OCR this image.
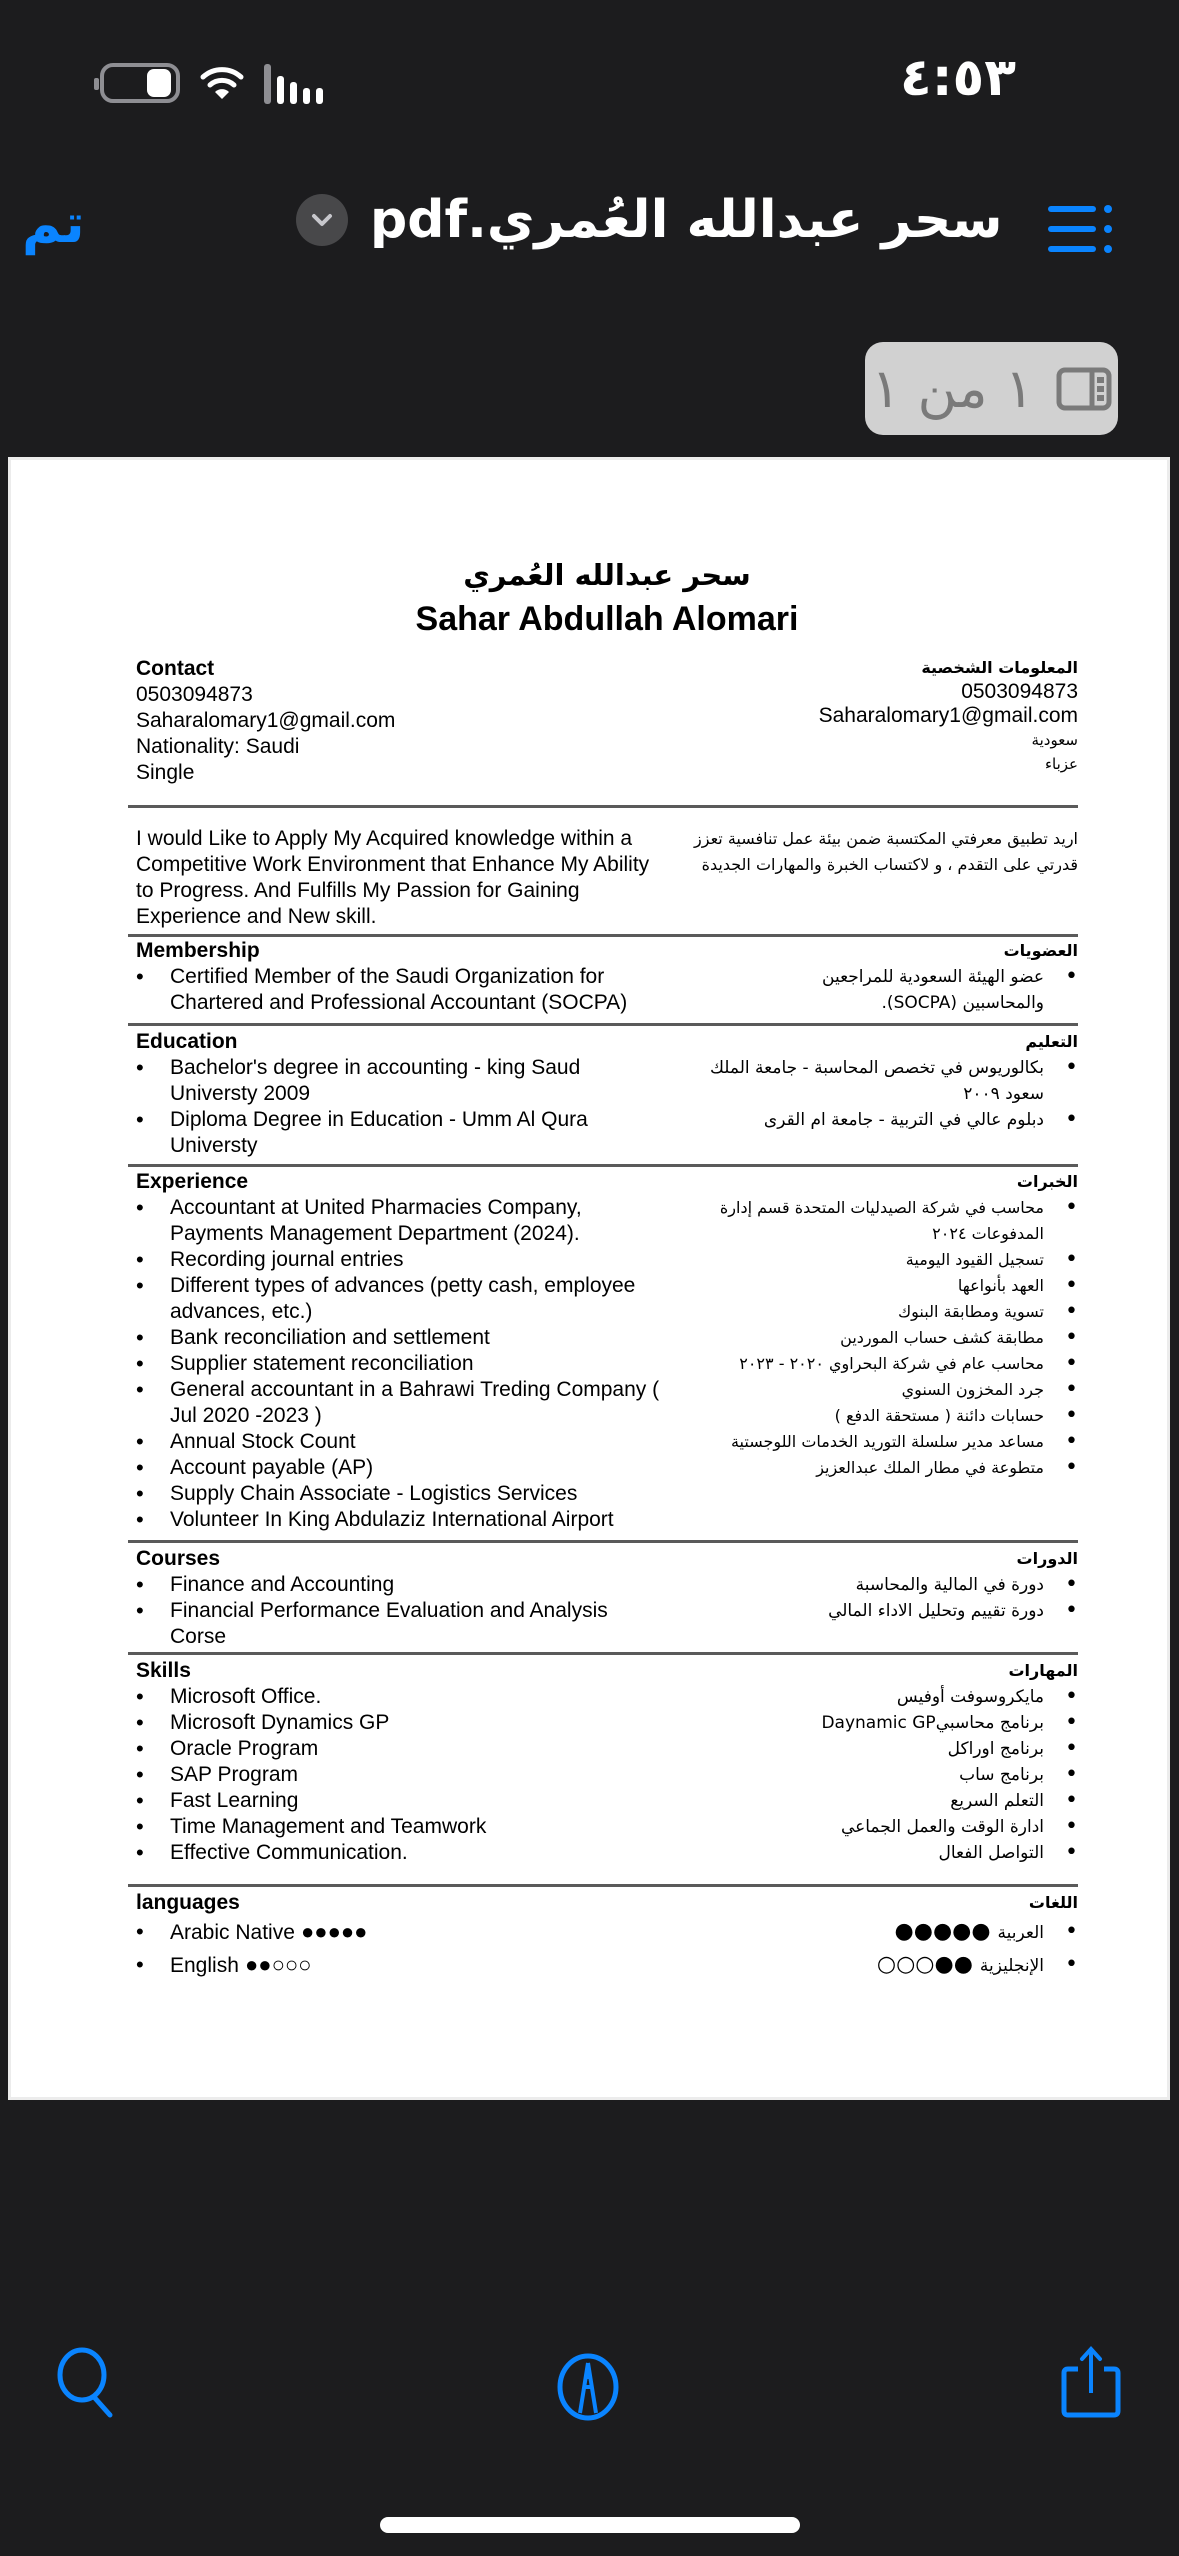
٤:٥٣
تم	سحر عبدالله العُمري.pdf
١ من ١
سحر عبدالله العُمري
Sahar Abdullah Alomari
Contact
0503094873
Saharalomary1@gmail.com
Nationality: Saudi
Single
المعلومات الشخصية
0503094873
Saharalomary1@gmail.com
سعودية
عزباء
I would Like to Apply My Acquired knowledge within a Competitive Work Environment that Enhance My Ability to Progress. And Fulfills My Passion for Gaining Experience and New skill.
اريد تطبيق معرفتي المكتسبة ضمن بيئة عمل تنافسية تعزز قدرتي على التقدم ، و لاكتساب الخبرة والمهارات الجديدة
Membership
• Certified Member of the Saudi Organization for Chartered and Professional Accountant (SOCPA)
العضويات
• عضو الهيئة السعودية للمراجعين والمحاسبين (SOCPA).
Education
• Bachelor's degree in accounting - king Saud Universty 2009
• Diploma Degree in Education - Umm Al Qura Universty
التعليم
• بكالوريوس في تخصص المحاسبة - جامعة الملك سعود ٢٠٠٩
• دبلوم عالي في التربية - جامعة ام القرى
Experience
• Accountant at United Pharmacies Company, Payments Management Department (2024).
• Recording journal entries
• Different types of advances (petty cash, employee advances, etc.)
• Bank reconciliation and settlement
• Supplier statement reconciliation
• General accountant in a Bahrawi Treding Company ( Jul 2020 -2023 )
• Annual Stock Count
• Account payable (AP)
• Supply Chain Associate - Logistics Services
• Volunteer In King Abdulaziz International Airport
الخبرات
• محاسب في شركة الصيدليات المتحدة قسم إدارة المدفوعات ٢٠٢٤
• تسجيل القيود اليومية
• العهد بأنواعها
• تسوية ومطابقة البنوك
• مطابقة كشف حساب الموردين
• محاسب عام في شركة البحراوي ٢٠٢٠ - ٢٠٢٣
• جرد المخزون السنوي
• حسابات دائنة ( مستحقة الدفع )
• مساعد مدير سلسلة التوريد الخدمات اللوجستية
• متطوعة في مطار الملك عبدالعزيز
Courses
• Finance and Accounting
• Financial Performance Evaluation and Analysis Corse
الدورات
• دورة في المالية والمحاسبة
• دورة تقييم وتحليل الاداء المالي
Skills
• Microsoft Office.
• Microsoft Dynamics GP
• Oracle Program
• SAP Program
• Fast Learning
• Time Management and Teamwork
• Effective Communication.
المهارات
• مايكروسوفت أوفيس
• برنامج محاسبيDaynamic GP
• برنامج اوراكل
• برنامج ساب
• التعلم السريع
• ادارة الوقت والعمل الجماعي
• التواصل الفعال
languages
• Arabic Native ●●●●●
• English ●●○○○
اللغات
• العربية ●●●●●
• الإنجليزية ●●○○○
